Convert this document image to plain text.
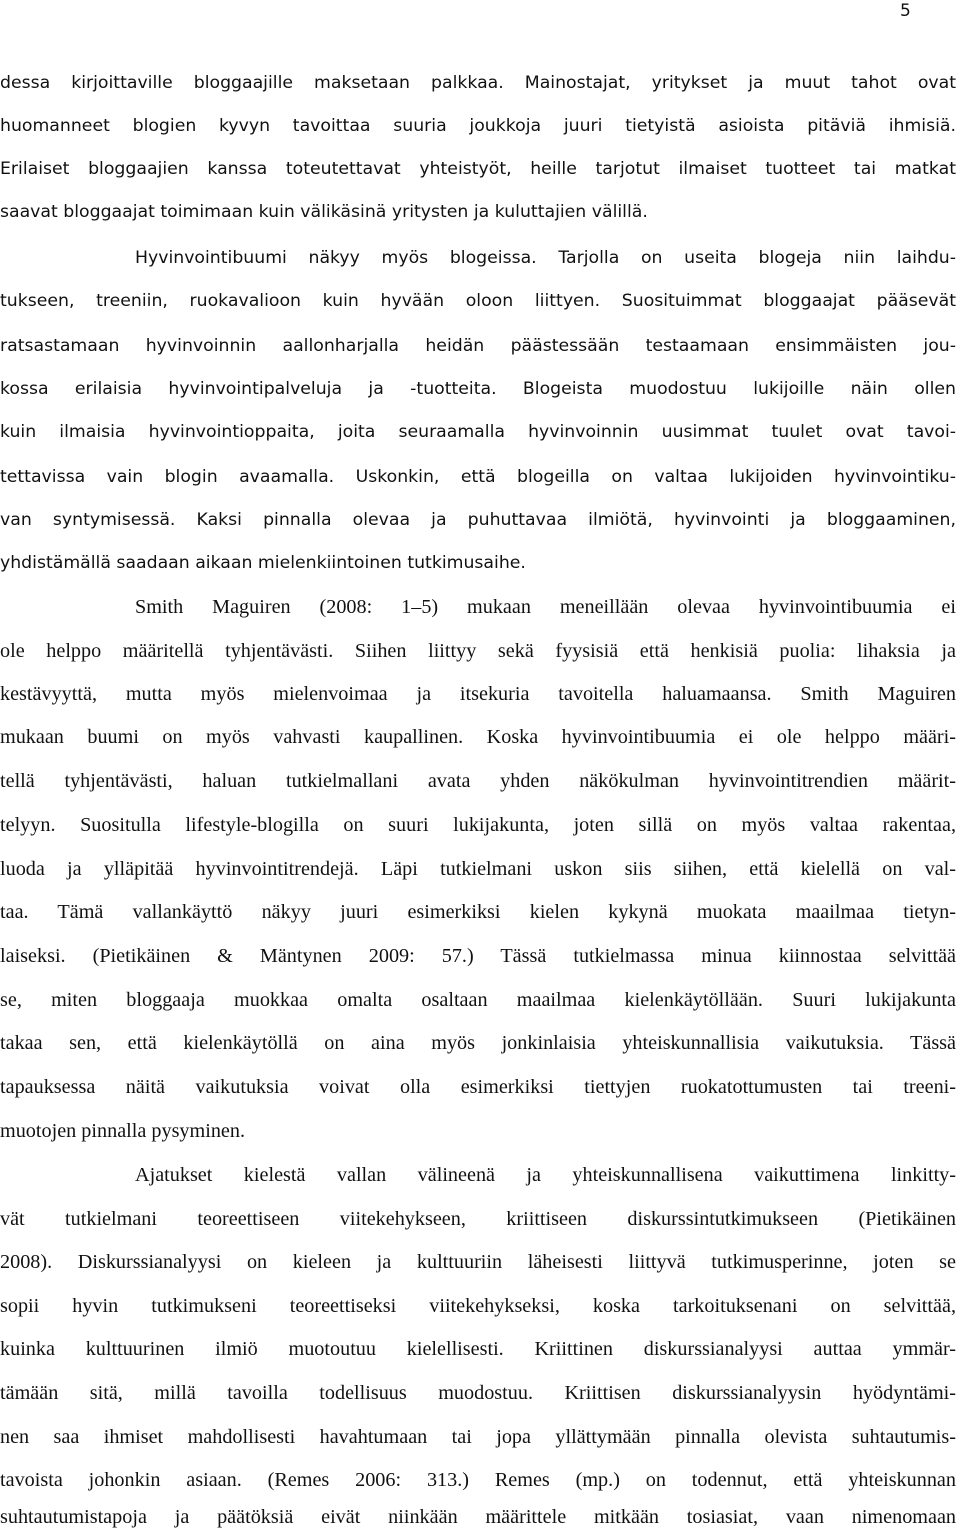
5
dessa kirjoittaville bloggaajille maksetaan palkkaa. Mainostajat, yritykset ja muut tahot ovat
huomanneet blogien kyvyn tavoittaa suuria joukkoja juuri tietyistä asioista pitäviä ihmisiä.
Erilaiset bloggaajien kanssa toteutettavat yhteistyöt, heille tarjotut ilmaiset tuotteet tai matkat
saavat bloggaajat toimimaan kuin välikäsinä yritysten ja kuluttajien välillä.
Hyvinvointibuumi näkyy myös blogeissa. Tarjolla on useita blogeja niin laihdu-
tukseen, treeniin, ruokavalioon kuin hyvään oloon liittyen. Suosituimmat bloggaajat pääsevät
ratsastamaan hyvinvoinnin aallonharjalla heidän päästessään testaamaan ensimmäisten jou-
kossa erilaisia hyvinvointipalveluja ja -tuotteita. Blogeista muodostuu lukijoille näin ollen
kuin ilmaisia hyvinvointioppaita, joita seuraamalla hyvinvoinnin uusimmat tuulet ovat tavoi-
tettavissa vain blogin avaamalla. Uskonkin, että blogeilla on valtaa lukijoiden hyvinvointiku-
van syntymisessä. Kaksi pinnalla olevaa ja puhuttavaa ilmiötä, hyvinvointi ja bloggaaminen,
yhdistämällä saadaan aikaan mielenkiintoinen tutkimusaihe.
Smith Maguiren (2008: 1–5) mukaan meneillään olevaa hyvinvointibuumia ei
ole helppo määritellä tyhjentävästi. Siihen liittyy sekä fyysisiä että henkisiä puolia: lihaksia ja
kestävyyttä, mutta myös mielenvoimaa ja itsekuria tavoitella haluamaansa. Smith Maguiren
mukaan buumi on myös vahvasti kaupallinen. Koska hyvinvointibuumia ei ole helppo määri-
tellä tyhjentävästi, haluan tutkielmallani avata yhden näkökulman hyvinvointitrendien määrit-
telyyn. Suositulla lifestyle-blogilla on suuri lukijakunta, joten sillä on myös valtaa rakentaa,
luoda ja ylläpitää hyvinvointitrendejä. Läpi tutkielmani uskon siis siihen, että kielellä on val-
taa. Tämä vallankäyttö näkyy juuri esimerkiksi kielen kykynä muokata maailmaa tietyn-
laiseksi. (Pietikäinen & Mäntynen 2009: 57.) Tässä tutkielmassa minua kiinnostaa selvittää
se, miten bloggaaja muokkaa omalta osaltaan maailmaa kielenkäytöllään. Suuri lukijakunta
takaa sen, että kielenkäytöllä on aina myös jonkinlaisia yhteiskunnallisia vaikutuksia. Tässä
tapauksessa näitä vaikutuksia voivat olla esimerkiksi tiettyjen ruokatottumusten tai treeni-
muotojen pinnalla pysyminen.
Ajatukset kielestä vallan välineenä ja yhteiskunnallisena vaikuttimena linkitty-
vät tutkielmani teoreettiseen viitekehykseen, kriittiseen diskurssintutkimukseen (Pietikäinen
2008). Diskurssianalyysi on kieleen ja kulttuuriin läheisesti liittyvä tutkimusperinne, joten se
sopii hyvin tutkimukseni teoreettiseksi viitekehykseksi, koska tarkoituksenani on selvittää,
kuinka kulttuurinen ilmiö muotoutuu kielellisesti. Kriittinen diskurssianalyysi auttaa ymmär-
tämään sitä, millä tavoilla todellisuus muodostuu. Kriittisen diskurssianalyysin hyödyntämi-
nen saa ihmiset mahdollisesti havahtumaan tai jopa yllättymään pinnalla olevista suhtautumis-
tavoista johonkin asiaan. (Remes 2006: 313.) Remes (mp.) on todennut, että yhteiskunnan
suhtautumistapoja ja päätöksiä eivät niinkään määrittele mitkään tosiasiat, vaan nimenomaan
